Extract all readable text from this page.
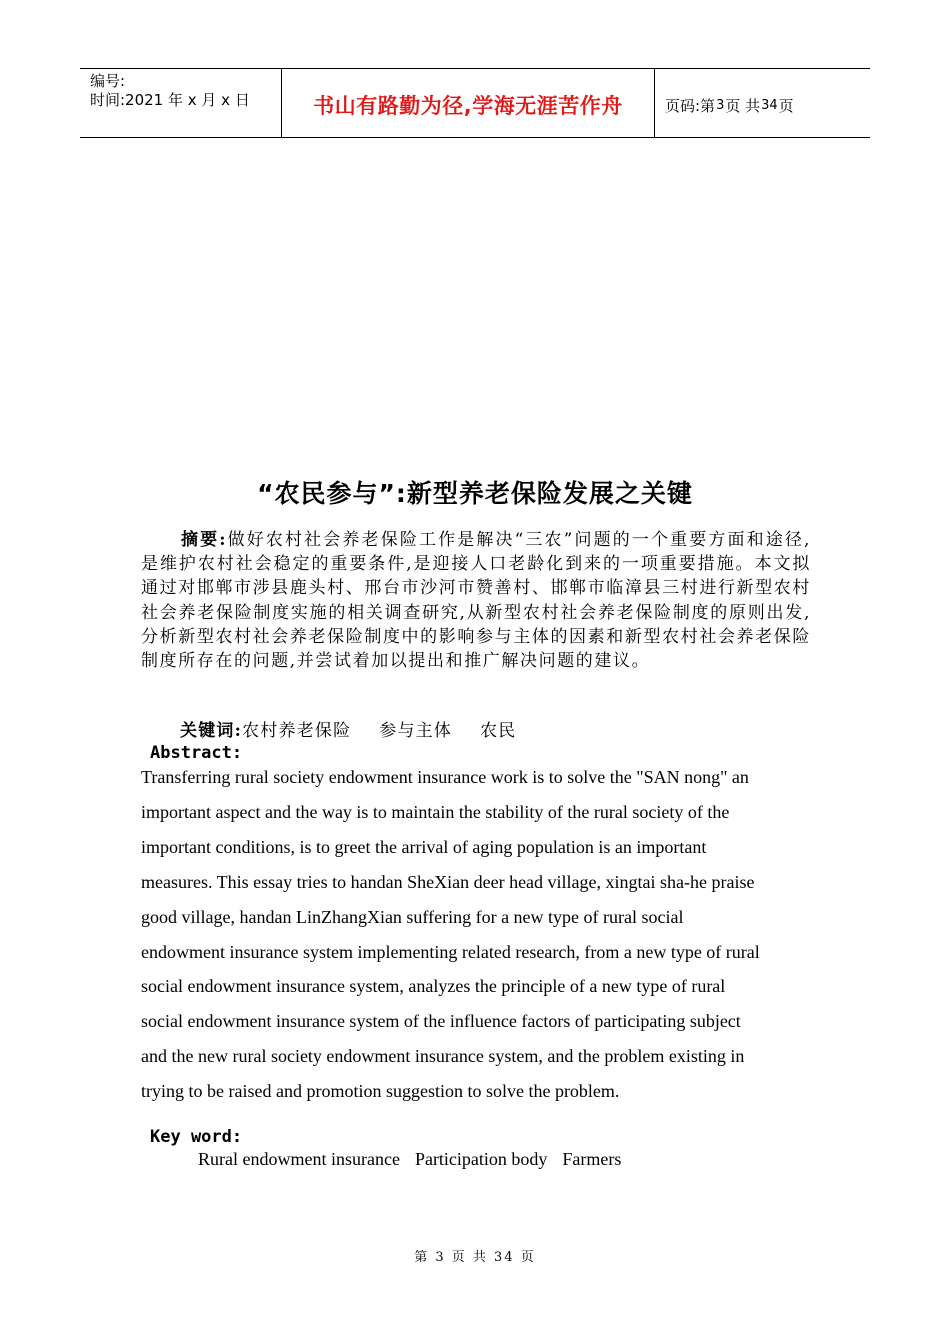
编号:
时间:2021 年 x 月 x 日	书山有路勤为径,学海无涯苦作舟	页码:第 3 页 共 34 页
“农民参与”:新型养老保险发展之关键

摘要:做好农村社会养老保险工作是解决“三农”问题的一个重要方面和途径,是维护农村社会稳定的重要条件,是迎接人口老龄化到来的一项重要措施。本文拟通过对邯郸市涉县鹿头村、邢台市沙河市赞善村、邯郸市临漳县三村进行新型农村社会养老保险制度实施的相关调查研究,从新型农村社会养老保险制度的原则出发,分析新型农村社会养老保险制度中的影响参与主体的因素和新型农村社会养老保险制度所存在的问题,并尝试着加以提出和推广解决问题的建议。

关键词:农村养老保险 参与主体 农民
Abstract:

Transferring rural society endowment insurance work is to solve the "SAN nong" an
important aspect and the way is to maintain the stability of the rural society of the
important conditions, is to greet the arrival of aging population is an important
measures. This essay tries to handan SheXian deer head village, xingtai sha-he praise
good village, handan LinZhangXian suffering for a new type of rural social
endowment insurance system implementing related research, from a new type of rural
social endowment insurance system, analyzes the principle of a new type of rural
social endowment insurance system of the influence factors of participating subject
and the new rural society endowment insurance system, and the problem existing in
trying to be raised and promotion suggestion to solve the problem.

Key word:
Rural endowment insurance Participation body Farmers
第 3 页 共 34 页
